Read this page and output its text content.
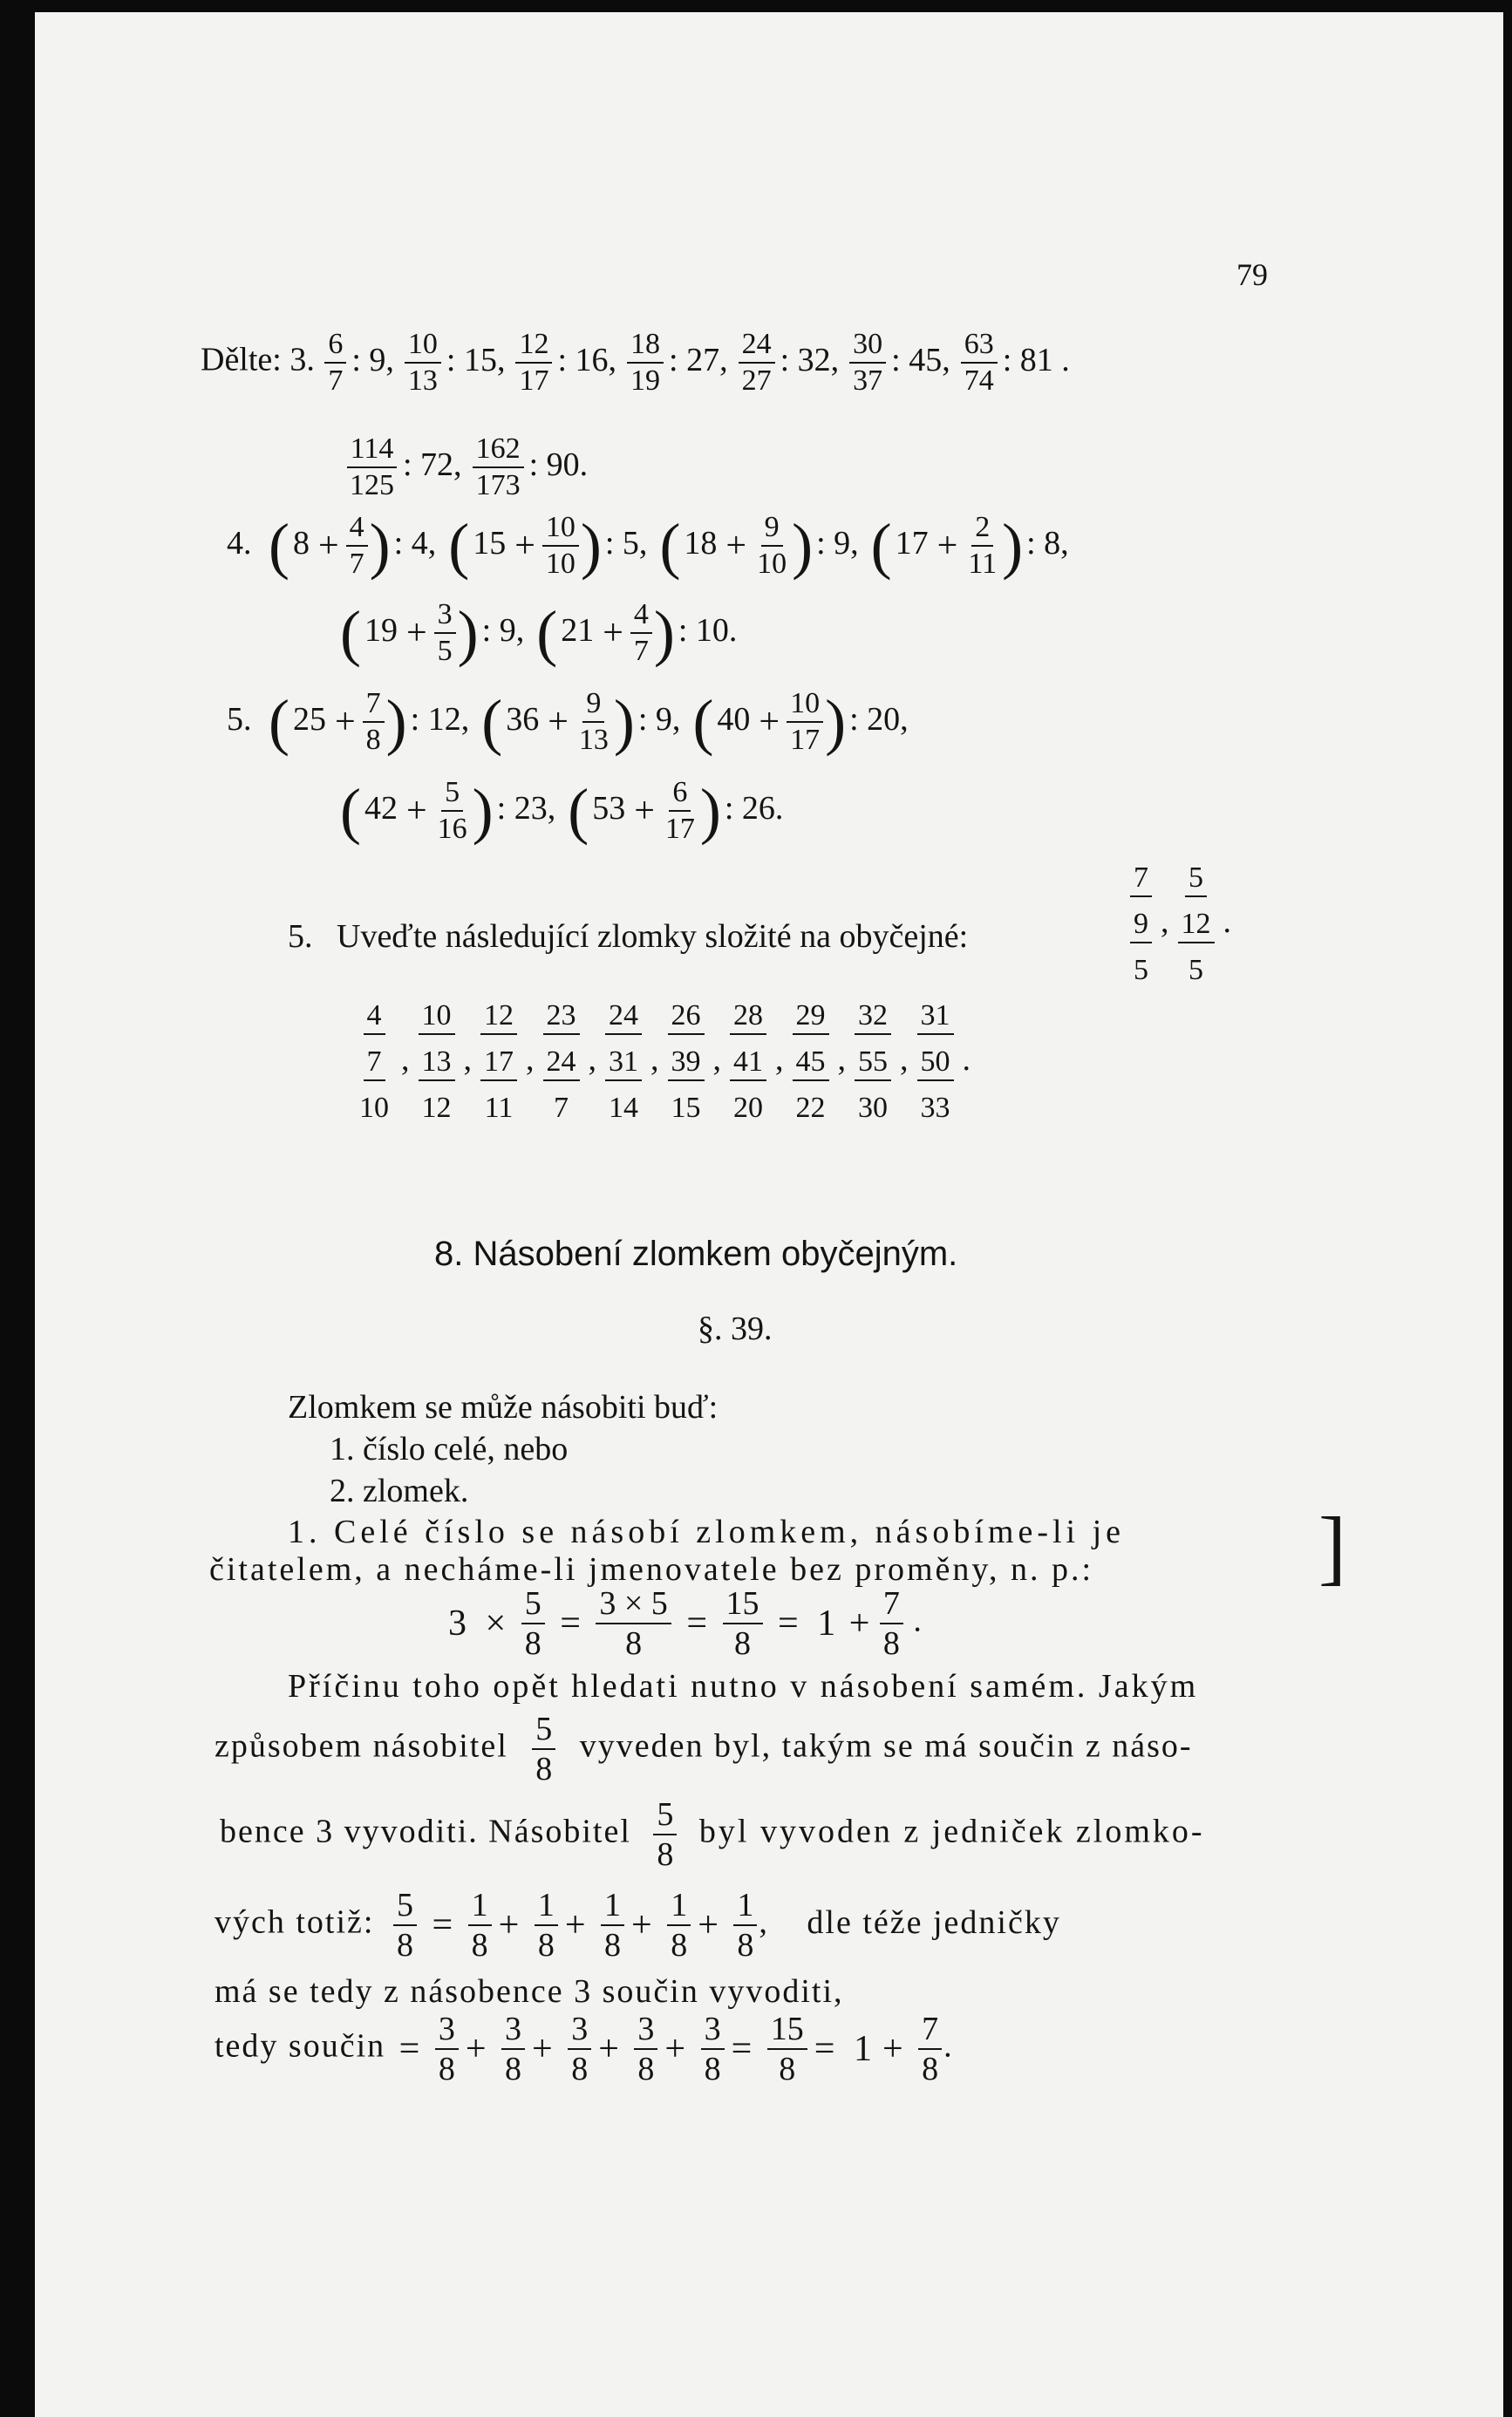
79
Dělte: 3. $\frac{6}{7}$ : 9, $\frac{10}{13}$ : 15, $\frac{12}{17}$ : 16, $\frac{18}{19}$ : 27, $\frac{24}{27}$ : 32, $\frac{30}{37}$ : 45, $\frac{63}{74}$ : 81 .
$\frac{114}{125}$ : 72, $\frac{162}{173}$ : 90.
4. ( $8 + \frac{4}{7}$ ) : 4, ( $15 + \frac{10}{10}$ ) : 5, ( $18 + \frac{9}{10}$ ) : 9, ( $17 + \frac{2}{11}$ ) : 8,
( $19 + \frac{3}{5}$ ) : 9, ( $21 + \frac{4}{7}$ ) : 10.
5. ( $25 + \frac{7}{8}$ ) : 12, ( $36 + \frac{9}{13}$ ) : 9, ( $40 + \frac{10}{17}$ ) : 20,
( $42 + \frac{5}{16}$ ) : 23, ( $53 + \frac{6}{17}$ ) : 26.
5. Uveďte následující zlomky složité na obyčejné:
7
9
5
,
5
12
5
.
4
7
10
,
10
13
12
,
12
17
11
,
23
24
7
,
24
31
14
,
26
39
15
,
28
41
20
,
29
45
22
,
32
55
30
,
31
50
33
.
8. Násobení zlomkem obyčejným.
§. 39.
Zlomkem se může násobiti buď:
1. číslo celé, nebo
2. zlomek.
1. Celé číslo se násobí zlomkem, násobíme-li je
čitatelem, a necháme-li jmenovatele bez proměny, n. p.:
$3 \times \frac{5}{8} = \frac{3 \times 5}{8} = \frac{15}{8} = 1 + \frac{7}{8}$ .
Příčinu toho opět hledati nutno v násobení samém. Jakým
způsobem násobitel $\frac{5}{8}$ vyveden byl, takým se má součin z náso-
bence 3 vyvoditi. Násobitel $\frac{5}{8}$ byl vyvoden z jedniček zlomko-
vých totiž: $\frac{5}{8} = \frac{1}{8} + \frac{1}{8} + \frac{1}{8} + \frac{1}{8} + \frac{1}{8}$ , dle téže jedničky
má se tedy z násobence 3 součin vyvoditi,
tedy součin = $\frac{3}{8} + \frac{3}{8} + \frac{3}{8} + \frac{3}{8} + \frac{3}{8} = \frac{15}{8} = 1 + \frac{7}{8}$ .
]
